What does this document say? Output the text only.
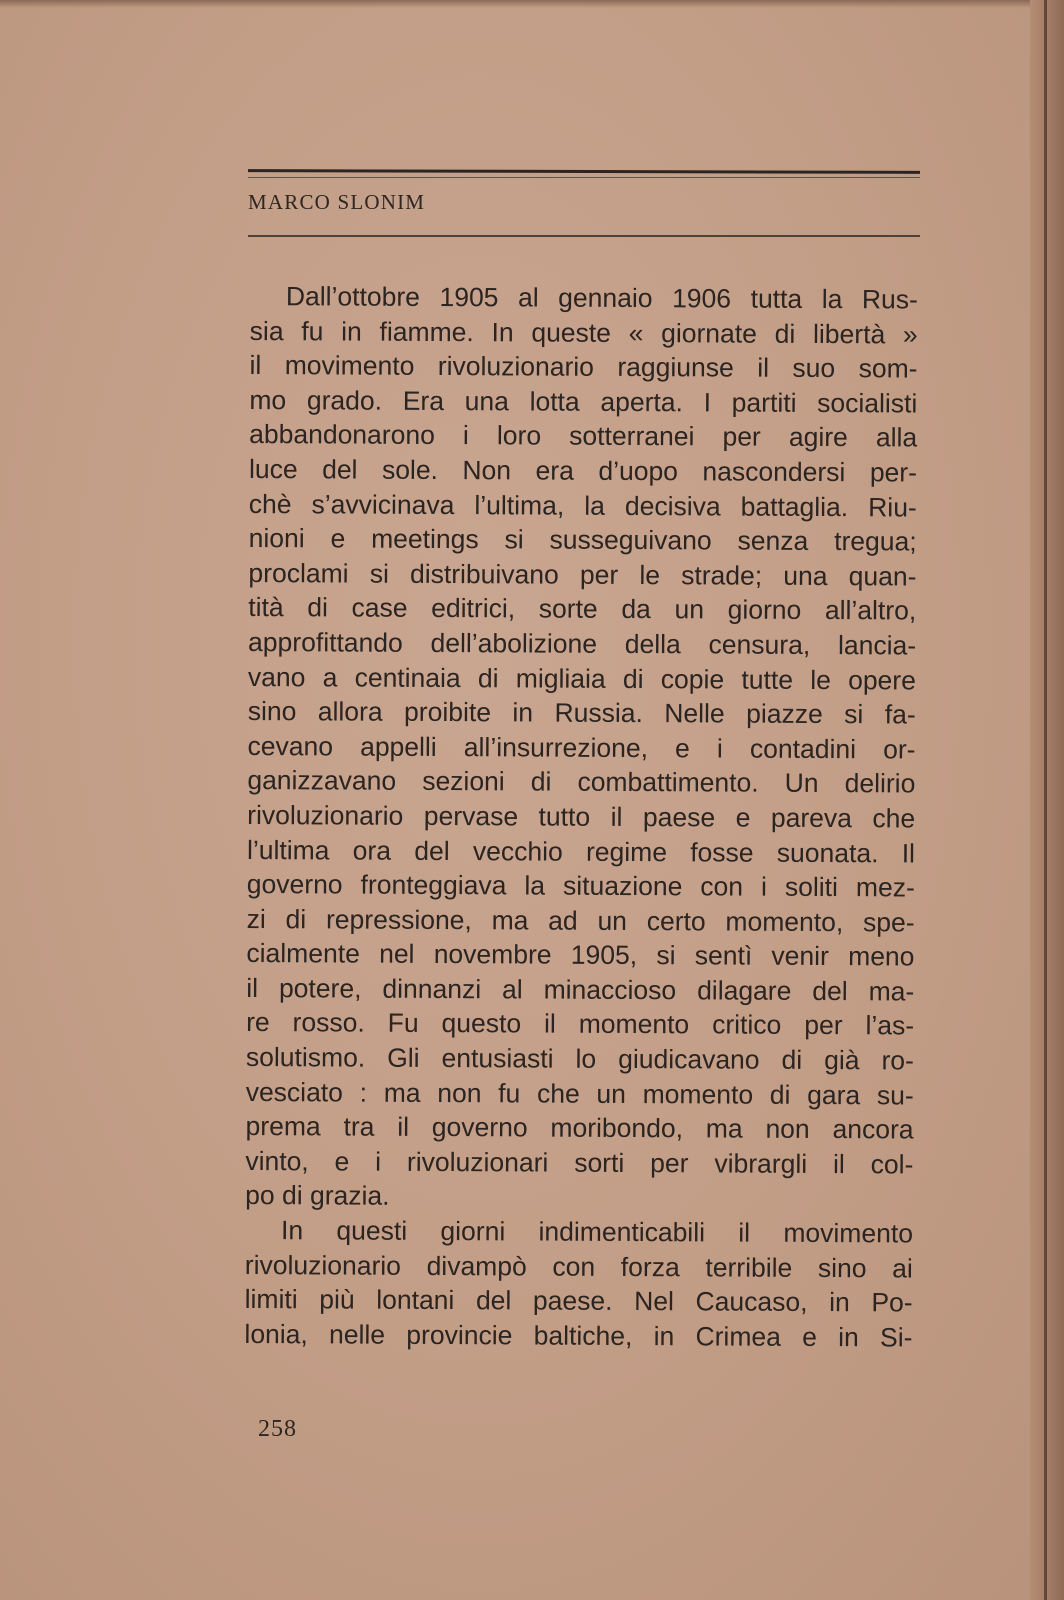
MARCO SLONIM
Dall’ottobre 1905 al gennaio 1906 tutta la Rus-
sia fu in fiamme. In queste « giornate di libertà »
il movimento rivoluzionario raggiunse il suo som-
mo grado. Era una lotta aperta. I partiti socialisti
abbandonarono i loro sotterranei per agire alla
luce del sole. Non era d’uopo nascondersi per-
chè s’avvicinava l’ultima, la decisiva battaglia. Riu-
nioni e meetings si susseguivano senza tregua;
proclami si distribuivano per le strade; una quan-
tità di case editrici, sorte da un giorno all’altro,
approfittando dell’abolizione della censura, lancia-
vano a centinaia di migliaia di copie tutte le opere
sino allora proibite in Russia. Nelle piazze si fa-
cevano appelli all’insurrezione, e i contadini or-
ganizzavano sezioni di combattimento. Un delirio
rivoluzionario pervase tutto il paese e pareva che
l’ultima ora del vecchio regime fosse suonata. Il
governo fronteggiava la situazione con i soliti mez-
zi di repressione, ma ad un certo momento, spe-
cialmente nel novembre 1905, si sentì venir meno
il potere, dinnanzi al minaccioso dilagare del ma-
re rosso. Fu questo il momento critico per l’as-
solutismo. Gli entusiasti lo giudicavano di già ro-
vesciato : ma non fu che un momento di gara su-
prema tra il governo moribondo, ma non ancora
vinto, e i rivoluzionari sorti per vibrargli il col-
po di grazia.
In questi giorni indimenticabili il movimento
rivoluzionario divampò con forza terribile sino ai
limiti più lontani del paese. Nel Caucaso, in Po-
lonia, nelle provincie baltiche, in Crimea e in Si-
258
